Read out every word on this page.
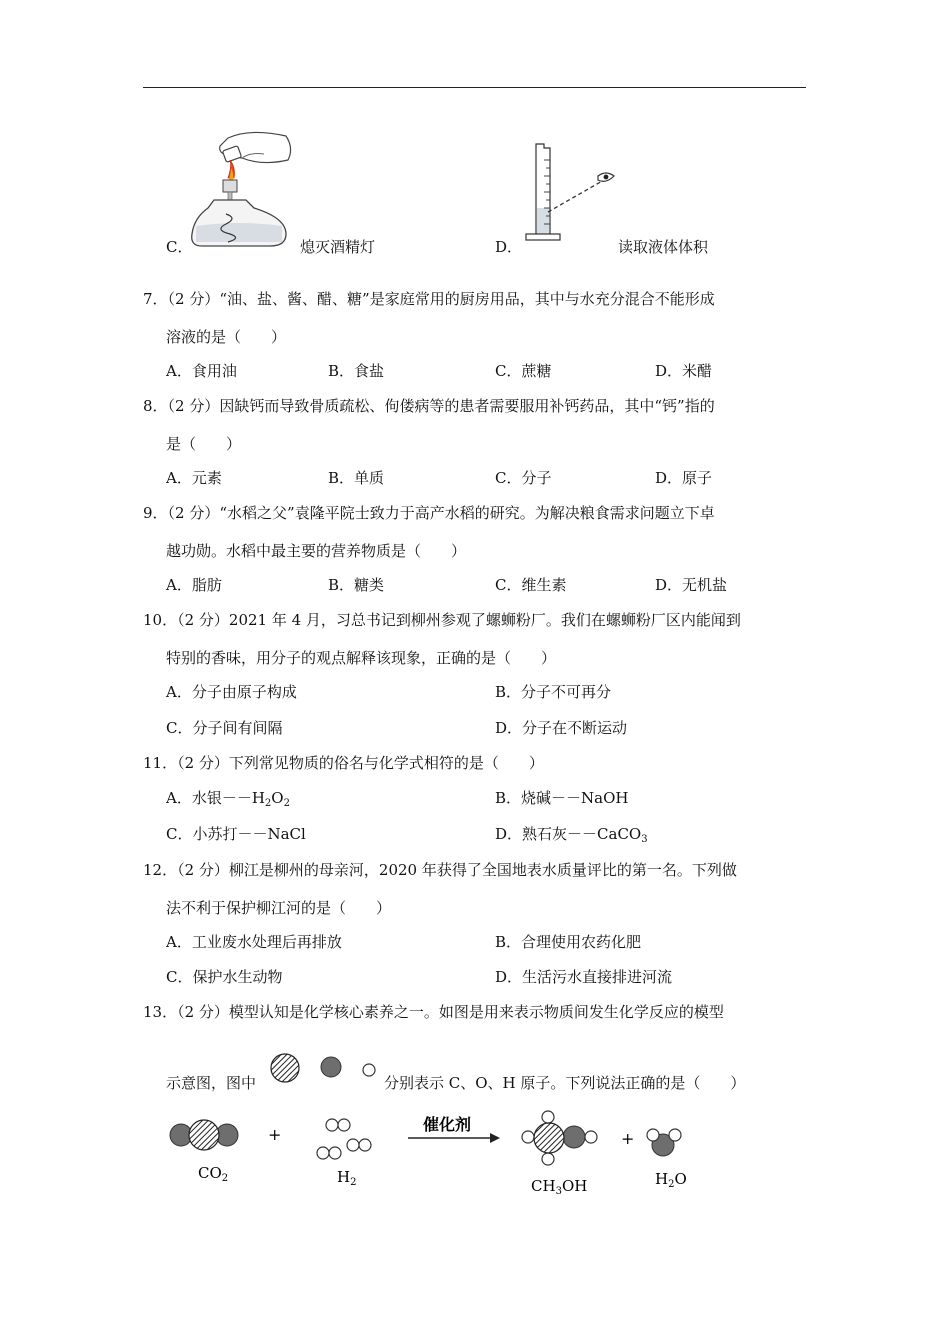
C．	熄灭酒精灯	D．	读取液体体积
7．（2 分）“油、盐、酱、醋、糖”是家庭常用的厨房用品，其中与水充分混合不能形成
溶液的是（　　）
A．食用油	B．食盐	C．蔗糖	D．米醋
8．（2 分）因缺钙而导致骨质疏松、佝偻病等的患者需要服用补钙药品，其中“钙”指的
是（　　）
A．元素	B．单质	C．分子	D．原子
9．（2 分）“水稻之父”袁隆平院士致力于高产水稻的研究。为解决粮食需求问题立下卓
越功勋。水稻中最主要的营养物质是（　　）
A．脂肪	B．糖类	C．维生素	D．无机盐
10．（2 分）2021 年 4 月，习总书记到柳州参观了螺蛳粉厂。我们在螺蛳粉厂区内能闻到
特别的香味，用分子的观点解释该现象，正确的是（　　）
A．分子由原子构成	B．分子不可再分
C．分子间有间隔	D．分子在不断运动
11．（2 分）下列常见物质的俗名与化学式相符的是（　　）
A．水银$--H_2O_2$	B．烧碱－－NaOH
C．小苏打－－NaCl	D．熟石灰－－CaCO$_3$
12．（2 分）柳江是柳州的母亲河，2020 年获得了全国地表水质量评比的第一名。下列做
法不利于保护柳江河的是（　　）
A．工业废水处理后再排放	B．合理使用农药化肥
C．保护水生动物	D．生活污水直接排进河流
13．（2 分）模型认知是化学核心素养之一。如图是用来表示物质间发生化学反应的模型
示意图，图中	分别表示 C、O、H 原子。下列说法正确的是（　　）
$CO_2$
+
$H_2$
催化剂
$CH_3OH$
+
$H_2O$
